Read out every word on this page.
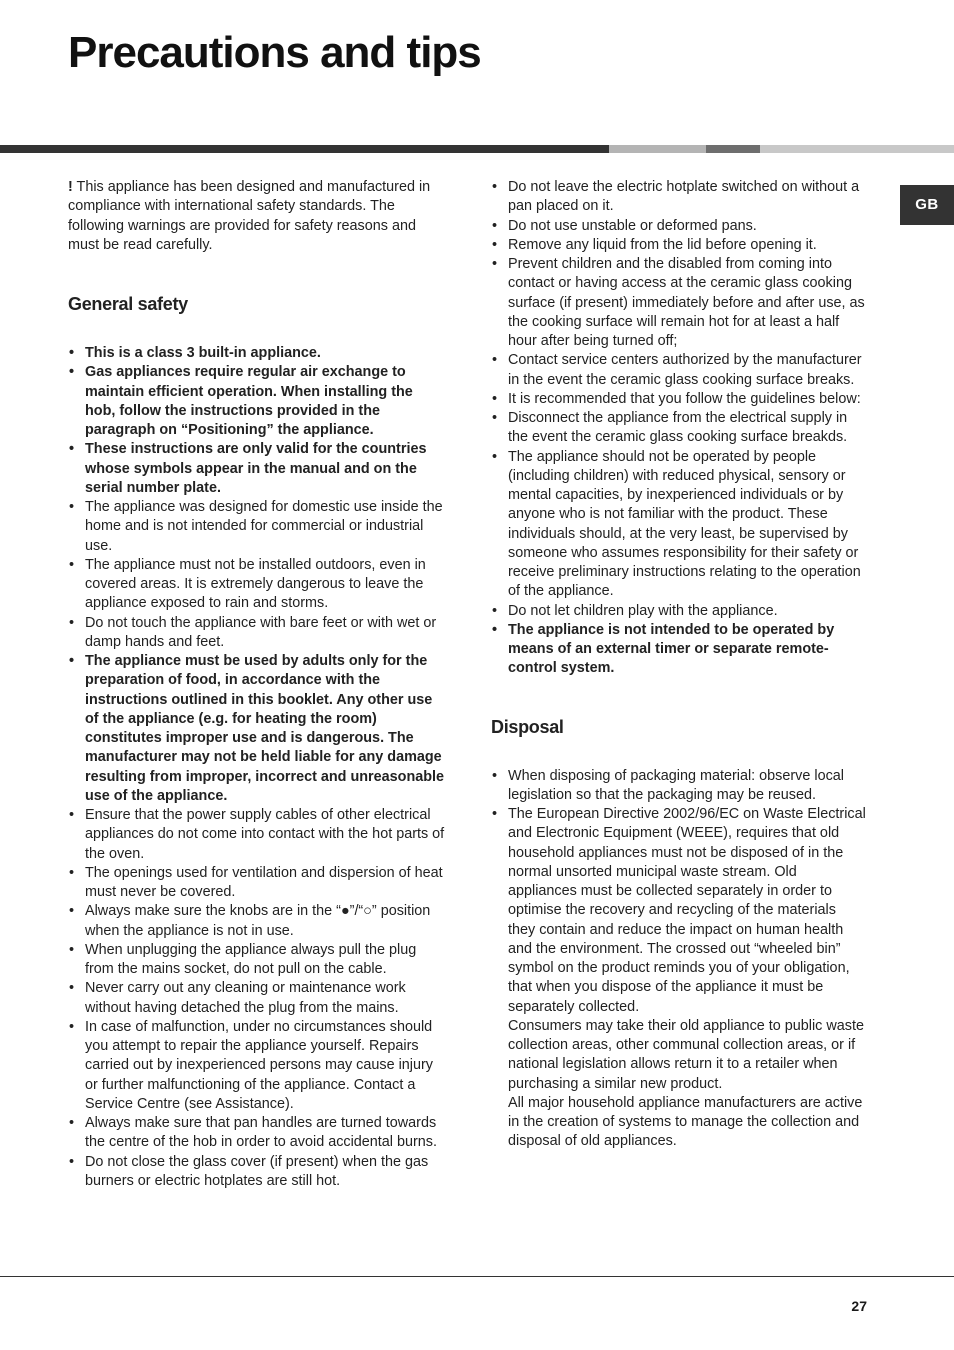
Precautions and tips
GB

! This appliance has been designed and manufactured in compliance with international safety standards. The following warnings are provided for safety reasons and must be read carefully.

General safety
• This is a class 3 built-in appliance.
• Gas appliances require regular air exchange to maintain efficient operation. When installing the hob, follow the instructions provided in the paragraph on “Positioning” the appliance.
• These instructions are only valid for the countries whose symbols appear in the manual and on the serial number plate.
• The appliance was designed for domestic use inside the home and is not intended for commercial or industrial use.
• The appliance must not be installed outdoors, even in covered areas. It is extremely dangerous to leave the appliance exposed to rain and storms.
• Do not touch the appliance with bare feet or with wet or damp hands and feet.
• The appliance must be used by adults only for the preparation of food, in accordance with the instructions outlined in this booklet. Any other use of the appliance (e.g. for heating the room) constitutes improper use and is dangerous. The manufacturer may not be held liable for any damage resulting from improper, incorrect and unreasonable use of the appliance.
• Ensure that the power supply cables of other electrical appliances do not come into contact with the hot parts of the oven.
• The openings used for ventilation and dispersion of heat must never be covered.
• Always make sure the knobs are in the “●”/“○” position when the appliance is not in use.
• When unplugging the appliance always pull the plug from the mains socket, do not pull on the cable.
• Never carry out any cleaning or maintenance work without having detached the plug from the mains.
• In case of malfunction, under no circumstances should you attempt to repair the appliance yourself. Repairs carried out by inexperienced persons may cause injury or further malfunctioning of the appliance. Contact a Service Centre (see Assistance).
• Always make sure that pan handles are turned towards the centre of the hob in order to avoid accidental burns.
• Do not close the glass cover (if present) when the gas burners or electric hotplates are still hot.
• Do not leave the electric hotplate switched on without a pan placed on it.
• Do not use unstable or deformed pans.
• Remove any liquid from the lid before opening it.
• Prevent children and the disabled from coming into contact or having access at the ceramic glass cooking surface (if present) immediately before and after use, as the cooking surface will remain hot for at least a half hour after being turned off;
• Contact service centers authorized by the manufacturer in the event the ceramic glass cooking surface breaks.
• It is recommended that you follow the guidelines below:
• Disconnect the appliance from the electrical supply in the event the ceramic glass cooking surface breakds.
• The appliance should not be operated by people (including children) with reduced physical, sensory or mental capacities, by inexperienced individuals or by anyone who is not familiar with the product. These individuals should, at the very least, be supervised by someone who assumes responsibility for their safety or receive preliminary instructions relating to the operation of the appliance.
• Do not let children play with the appliance.
• The appliance is not intended to be operated by means of an external timer or separate remote-control system.
Disposal
• When disposing of packaging material: observe local legislation so that the packaging may be reused.
• The European Directive 2002/96/EC on Waste Electrical and Electronic Equipment (WEEE), requires that old household appliances must not be disposed of in the normal unsorted municipal waste stream. Old appliances must be collected separately in order to optimise the recovery and recycling of the materials they contain and reduce the impact on human health and the environment. The crossed out “wheeled bin” symbol on the product reminds you of your obligation, that when you dispose of the appliance it must be separately collected.
Consumers may take their old appliance to public waste collection areas, other communal collection areas, or if national legislation allows return it to a retailer when purchasing a similar new product.
All major household appliance manufacturers are active in the creation of systems to manage the collection and disposal of old appliances.
27
